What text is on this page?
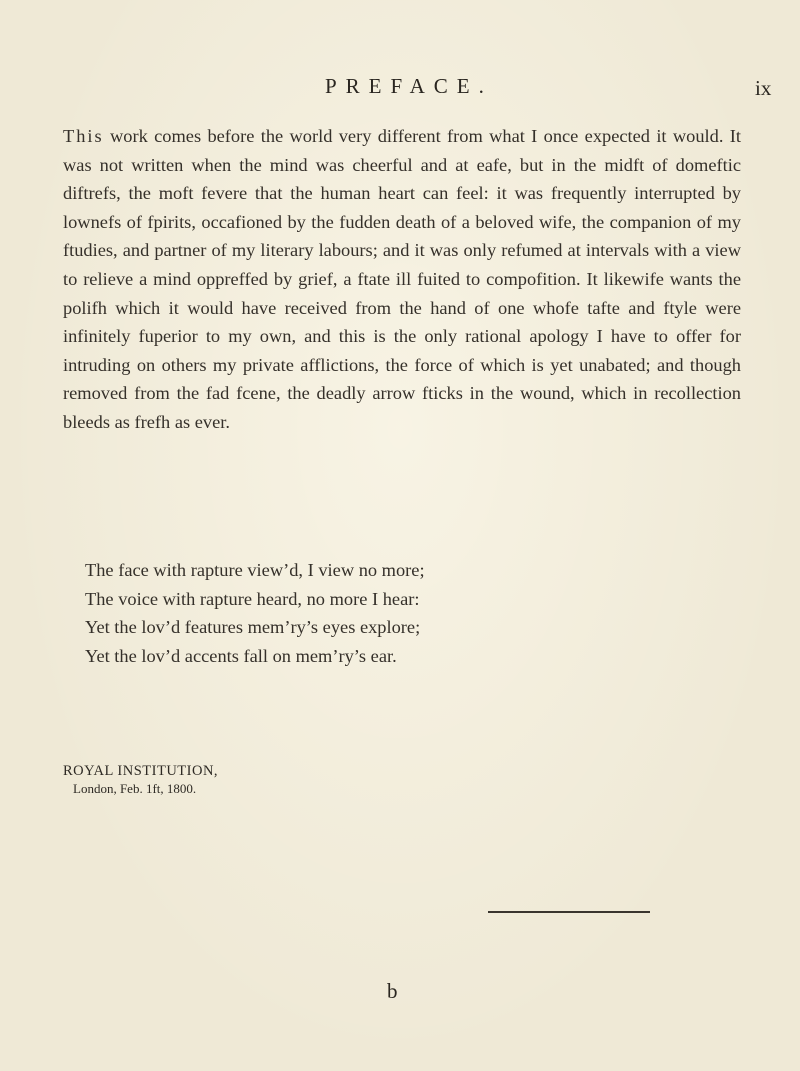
PREFACE.	ix

This work comes before the world very different from what I once expected it would. It was not written when the mind was cheerful and at eafe, but in the midft of domeftic diftrefs, the moft fevere that the human heart can feel: it was frequently interrupted by lownefs of fpirits, occafioned by the fudden death of a beloved wife, the companion of my ftudies, and partner of my literary labours; and it was only refumed at intervals with a view to relieve a mind oppreffed by grief, a ftate ill fuited to compofition. It likewife wants the polifh which it would have received from the hand of one whofe tafte and ftyle were infinitely fuperior to my own, and this is the only rational apology I have to offer for intruding on others my private afflictions, the force of which is yet unabated; and though removed from the fad fcene, the deadly arrow fticks in the wound, which in recollection bleeds as frefh as ever.

The face with rapture view’d, I view no more;
The voice with rapture heard, no more I hear:
Yet the lov’d features mem’ry’s eyes explore;
Yet the lov’d accents fall on mem’ry’s ear.
ROYAL INSTITUTION,
London, Feb. 1ft, 1800.
b
